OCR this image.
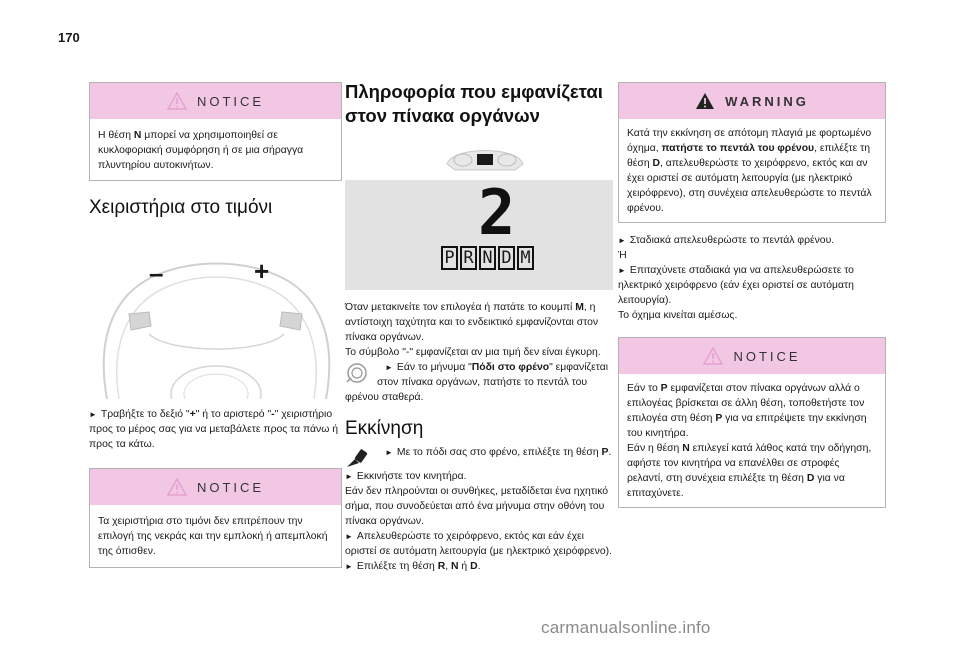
170
NOTICE
Η θέση N μπορεί να χρησιμοποιηθεί σε κυκλοφοριακή συμφόρηση ή σε μια σήραγγα πλυντηρίου αυτοκινήτων.
Χειριστήρια στο τιμόνι
–	+

► Τραβήξτε το δεξιό "+" ή το αριστερό "-" χειριστήριο προς το μέρος σας για να μεταβάλετε προς τα πάνω ή προς τα κάτω.

NOTICE
Τα χειριστήρια στο τιμόνι δεν επιτρέπουν την επιλογή της νεκράς και την εμπλοκή ή απεμπλοκή της όπισθεν.
Πληροφορία που εμφανίζεται στον πίνακα οργάνων
2
P R N D M

Όταν μετακινείτε τον επιλογέα ή πατάτε το κουμπί M, η αντίστοιχη ταχύτητα και το ενδεικτικό εμφανίζονται στον πίνακα οργάνων.

Το σύμβολο "-" εμφανίζεται αν μια τιμή δεν είναι έγκυρη.

► Εάν το μήνυμα "Πόδι στο φρένο" εμφανίζεται στον πίνακα οργάνων, πατήστε το πεντάλ του φρένου σταθερά.

Εκκίνηση

► Με το πόδι σας στο φρένο, επιλέξτε τη θέση P.

► Εκκινήστε τον κινητήρα.

Εάν δεν πληρούνται οι συνθήκες, μεταδίδεται ένα ηχητικό σήμα, που συνοδεύεται από ένα μήνυμα στην οθόνη του πίνακα οργάνων.

► Απελευθερώστε το χειρόφρενο, εκτός και εάν έχει οριστεί σε αυτόματη λειτουργία (με ηλεκτρικό χειρόφρενο).

► Επιλέξτε τη θέση R, N ή D.

WARNING
Κατά την εκκίνηση σε απότομη πλαγιά με φορτωμένο όχημα, πατήστε το πεντάλ του φρένου, επιλέξτε τη θέση D, απελευθερώστε το χειρόφρενο, εκτός και αν έχει οριστεί σε αυτόματη λειτουργία (με ηλεκτρικό χειρόφρενο), στη συνέχεια απελευθερώστε το πεντάλ φρένου.

► Σταδιακά απελευθερώστε το πεντάλ φρένου.

Ή

► Επιταχύνετε σταδιακά για να απελευθερώσετε το ηλεκτρικό χειρόφρενο (εάν έχει οριστεί σε αυτόματη λειτουργία).

Το όχημα κινείται αμέσως.

NOTICE

Εάν το P εμφανίζεται στον πίνακα οργάνων αλλά ο επιλογέας βρίσκεται σε άλλη θέση, τοποθετήστε τον επιλογέα στη θέση P για να επιτρέψετε την εκκίνηση του κινητήρα.

Εάν η θέση N επιλεγεί κατά λάθος κατά την οδήγηση, αφήστε τον κινητήρα να επανέλθει σε στροφές ρελαντί, στη συνέχεια επιλέξτε τη θέση D για να επιταχύνετε.

carmanualsonline.info
